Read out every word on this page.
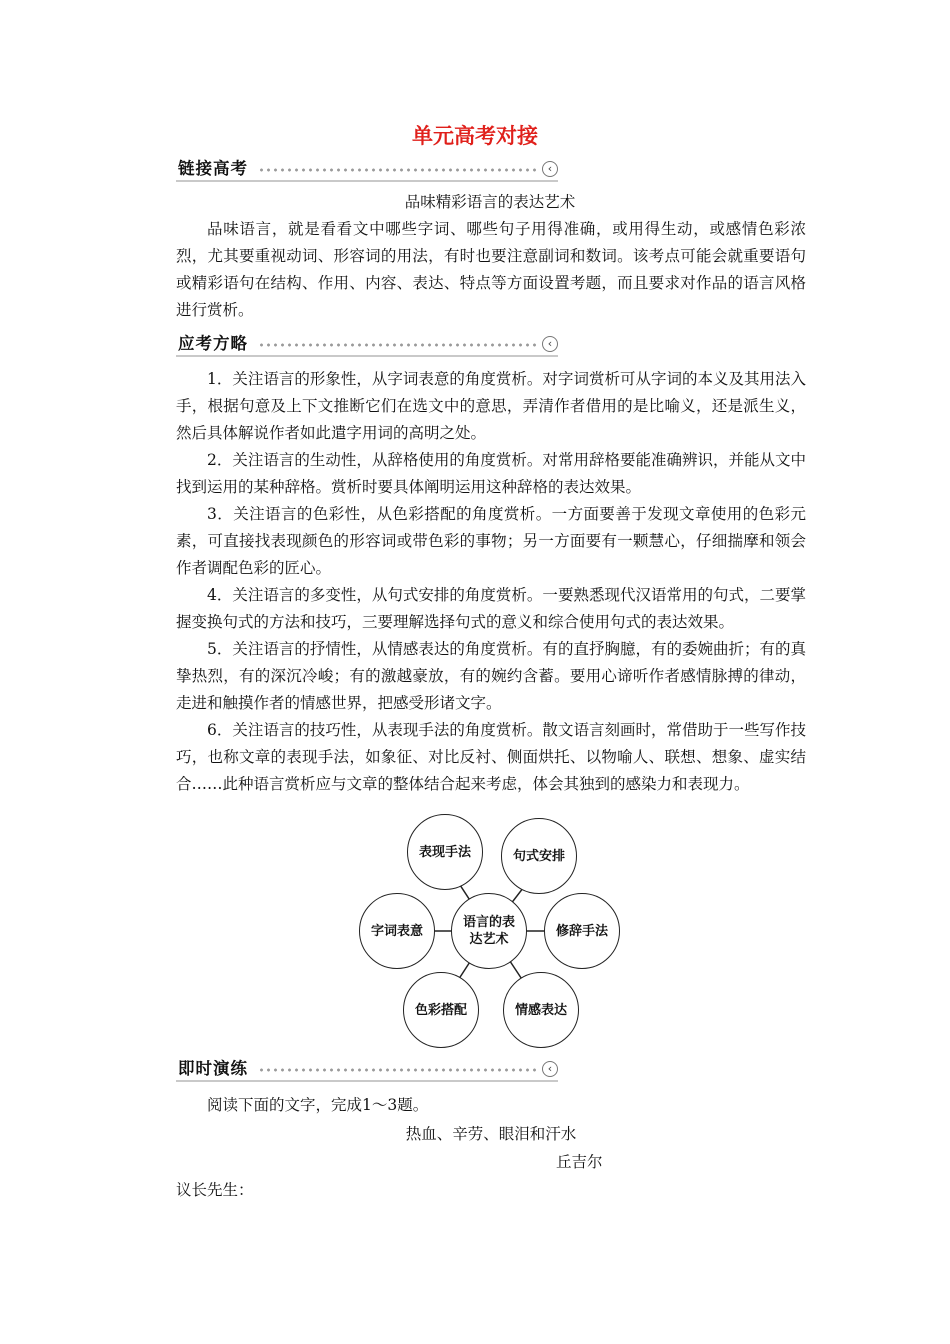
单元高考对接
链接高考	‹
品味精彩语言的表达艺术

品味语言，就是看看文中哪些字词、哪些句子用得准确，或用得生动，或感情色彩浓烈，尤其要重视动词、形容词的用法，有时也要注意副词和数词。该考点可能会就重要语句或精彩语句在结构、作用、内容、表达、特点等方面设置考题，而且要求对作品的语言风格进行赏析。

应考方略	‹

1．关注语言的形象性，从字词表意的角度赏析。对字词赏析可从字词的本义及其用法入手，根据句意及上下文推断它们在选文中的意思，弄清作者借用的是比喻义，还是派生义，然后具体解说作者如此遣字用词的高明之处。

2．关注语言的生动性，从辞格使用的角度赏析。对常用辞格要能准确辨识，并能从文中找到运用的某种辞格。赏析时要具体阐明运用这种辞格的表达效果。

3．关注语言的色彩性，从色彩搭配的角度赏析。一方面要善于发现文章使用的色彩元素，可直接找表现颜色的形容词或带色彩的事物；另一方面要有一颗慧心，仔细揣摩和领会作者调配色彩的匠心。

4．关注语言的多变性，从句式安排的角度赏析。一要熟悉现代汉语常用的句式，二要掌握变换句式的方法和技巧，三要理解选择句式的意义和综合使用句式的表达效果。

5．关注语言的抒情性，从情感表达的角度赏析。有的直抒胸臆，有的委婉曲折；有的真挚热烈，有的深沉冷峻；有的激越豪放，有的婉约含蓄。要用心谛听作者感情脉搏的律动，走进和触摸作者的情感世界，把感受形诸文字。

6．关注语言的技巧性，从表现手法的角度赏析。散文语言刻画时，常借助于一些写作技巧，也称文章的表现手法，如象征、对比反衬、侧面烘托、以物喻人、联想、想象、虚实结合……此种语言赏析应与文章的整体结合起来考虑，体会其独到的感染力和表现力。

表现手法	句式安排
字词表意
语言的表达艺术
修辞手法
色彩搭配	情感表达
即时演练	‹

阅读下面的文字，完成1～3题。

热血、辛劳、眼泪和汗水
丘吉尔
议长先生：
